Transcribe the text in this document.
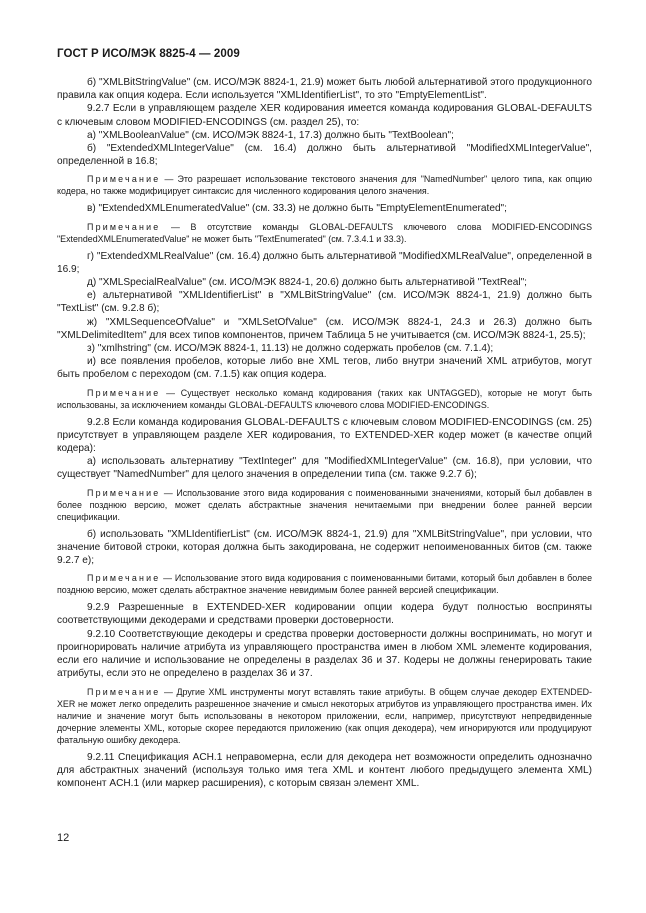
ГОСТ Р ИСО/МЭК 8825-4 — 2009
б) "XMLBitStringValue" (см. ИСО/МЭК 8824-1, 21.9) может быть любой альтернативой этого продукционного правила как опция кодера. Если используется "XMLIdentifierList", то это "EmptyElementList".
9.2.7 Если в управляющем разделе XER кодирования имеется команда кодирования GLOBAL-DEFAULTS с ключевым словом MODIFIED-ENCODINGS (см. раздел 25), то:
а) "XMLBooleanValue" (см. ИСО/МЭК 8824-1, 17.3) должно быть "TextBoolean";
б) "ExtendedXMLIntegerValue" (см. 16.4) должно быть альтернативой "ModifiedXMLIntegerValue", определенной в 16.8;
Примечание — Это разрешает использование текстового значения для "NamedNumber" целого типа, как опцию кодера, но также модифицирует синтаксис для численного кодирования целого значения.
в) "ExtendedXMLEnumeratedValue" (см. 33.3) не должно быть "EmptyElementEnumerated";
Примечание — В отсутствие команды GLOBAL-DEFAULTS ключевого слова MODIFIED-ENCODINGS "ExtendedXMLEnumeratedValue" не может быть "TextEnumerated" (см. 7.3.4.1 и 33.3).
г) "ExtendedXMLRealValue" (см. 16.4) должно быть альтернативой "ModifiedXMLRealValue", определенной в 16.9;
д) "XMLSpecialRealValue" (см. ИСО/МЭК 8824-1, 20.6) должно быть альтернативой "TextReal";
е) альтернативой "XMLIdentifierList" в "XMLBitStringValue" (см. ИСО/МЭК 8824-1, 21.9) должно быть "TextList" (см. 9.2.8 б);
ж) "XMLSequenceOfValue" и "XMLSetOfValue" (см. ИСО/МЭК 8824-1, 24.3 и 26.3) должно быть "XMLDelimitedItem" для всех типов компонентов, причем Таблица 5 не учитывается (см. ИСО/МЭК 8824-1, 25.5);
з) "xmlhstring" (см. ИСО/МЭК 8824-1, 11.13) не должно содержать пробелов (см. 7.1.4);
и) все появления пробелов, которые либо вне XML тегов, либо внутри значений XML атрибутов, могут быть пробелом с переходом (см. 7.1.5) как опция кодера.
Примечание — Существует несколько команд кодирования (таких как UNTAGGED), которые не могут быть использованы, за исключением команды GLOBAL-DEFAULTS ключевого слова MODIFIED-ENCODINGS.
9.2.8 Если команда кодирования GLOBAL-DEFAULTS с ключевым словом MODIFIED-ENCODINGS (см. 25) присутствует в управляющем разделе XER кодирования, то EXTENDED-XER кодер может (в качестве опций кодера):
а) использовать альтернативу "TextInteger" для "ModifiedXMLIntegerValue" (см. 16.8), при условии, что существует "NamedNumber" для целого значения в определении типа (см. также 9.2.7 б);
Примечание — Использование этого вида кодирования с поименованными значениями, который был добавлен в более позднюю версию, может сделать абстрактные значения нечитаемыми при внедрении более ранней версии спецификации.
б) использовать "XMLIdentifierList" (см. ИСО/МЭК 8824-1, 21.9) для "XMLBitStringValue", при условии, что значение битовой строки, которая должна быть закодирована, не содержит непоименованных битов (см. также 9.2.7 е);
Примечание — Использование этого вида кодирования с поименованными битами, который был добавлен в более позднюю версию, может сделать абстрактное значение невидимым более ранней версией спецификации.
9.2.9 Разрешенные в EXTENDED-XER кодировании опции кодера будут полностью восприняты соответствующими декодерами и средствами проверки достоверности.
9.2.10 Соответствующие декодеры и средства проверки достоверности должны воспринимать, но могут и проигнорировать наличие атрибута из управляющего пространства имен в любом XML элементе кодирования, если его наличие и использование не определены в разделах 36 и 37. Кодеры не должны генерировать такие атрибуты, если это не определено в разделах 36 и 37.
Примечание — Другие XML инструменты могут вставлять такие атрибуты. В общем случае декодер EXTENDED-XER не может легко определить разрешенное значение и смысл некоторых атрибутов из управляющего пространства имен. Их наличие и значение могут быть использованы в некотором приложении, если, например, присутствуют непредвиденные дочерние элементы XML, которые скорее передаются приложению (как опция декодера), чем игнорируются или продуцируют фатальную ошибку декодера.
9.2.11 Спецификация ACH.1 неправомерна, если для декодера нет возможности определить однозначно для абстрактных значений (используя только имя тега XML и контент любого предыдущего элемента XML) компонент ACH.1 (или маркер расширения), с которым связан элемент XML.
12
